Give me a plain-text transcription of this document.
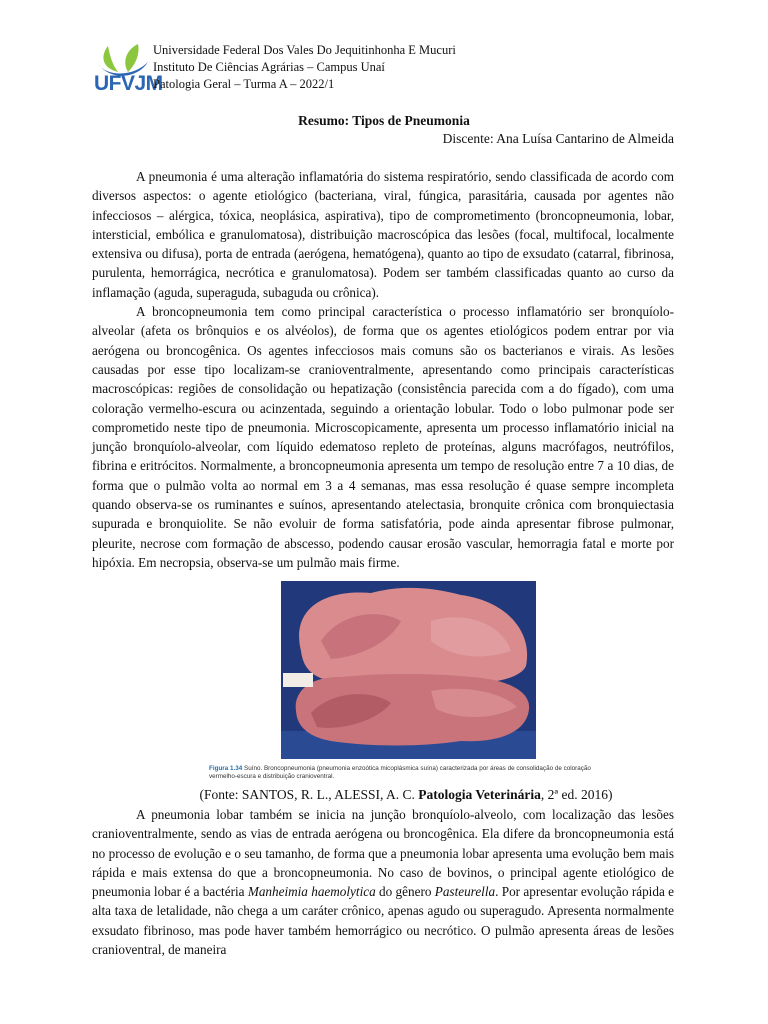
UFVJM
Universidade Federal Dos Vales Do Jequitinhonha E Mucuri
Instituto De Ciências Agrárias – Campus Unaí
Patologia Geral – Turma A – 2022/1
Resumo: Tipos de Pneumonia
Discente: Ana Luísa Cantarino de Almeida

A pneumonia é uma alteração inflamatória do sistema respiratório, sendo classificada de acordo com diversos aspectos: o agente etiológico (bacteriana, viral, fúngica, parasitária, causada por agentes não infecciosos – alérgica, tóxica, neoplásica, aspirativa), tipo de comprometimento (broncopneumonia, lobar, intersticial, embólica e granulomatosa), distribuição macroscópica das lesões (focal, multifocal, localmente extensiva ou difusa), porta de entrada (aerógena, hematógena), quanto ao tipo de exsudato (catarral, fibrinosa, purulenta, hemorrágica, necrótica e granulomatosa). Podem ser também classificadas quanto ao curso da inflamação (aguda, superaguda, subaguda ou crônica).

A broncopneumonia tem como principal característica o processo inflamatório ser bronquíolo-alveolar (afeta os brônquios e os alvéolos), de forma que os agentes etiológicos podem entrar por via aerógena ou broncogênica. Os agentes infecciosos mais comuns são os bacterianos e virais. As lesões causadas por esse tipo localizam-se cranioventralmente, apresentando como principais características macroscópicas: regiões de consolidação ou hepatização (consistência parecida com a do fígado), com uma coloração vermelho-escura ou acinzentada, seguindo a orientação lobular. Todo o lobo pulmonar pode ser comprometido neste tipo de pneumonia. Microscopicamente, apresenta um processo inflamatório inicial na junção bronquíolo-alveolar, com líquido edematoso repleto de proteínas, alguns macrófagos, neutrófilos, fibrina e eritrócitos. Normalmente, a broncopneumonia apresenta um tempo de resolução entre 7 a 10 dias, de forma que o pulmão volta ao normal em 3 a 4 semanas, mas essa resolução é quase sempre incompleta quando observa-se os ruminantes e suínos, apresentando atelectasia, bronquite crônica com bronquiectasia supurada e bronquiolite. Se não evoluir de forma satisfatória, pode ainda apresentar fibrose pulmonar, pleurite, necrose com formação de abscesso, podendo causar erosão vascular, hemorragia fatal e morte por hipóxia. Em necropsia, observa-se um pulmão mais firme.

Figura 1.34 Suíno. Broncopneumonia (pneumonia enzoótica micoplásmica suína) caracterizada por áreas de consolidação de coloração vermelho-escura e distribuição cranioventral.
(Fonte: SANTOS, R. L., ALESSI, A. C. Patologia Veterinária, 2ª ed. 2016)

A pneumonia lobar também se inicia na junção bronquíolo-alveolo, com localização das lesões cranioventralmente, sendo as vias de entrada aerógena ou broncogênica. Ela difere da broncopneumonia está no processo de evolução e o seu tamanho, de forma que a pneumonia lobar apresenta uma evolução bem mais rápida e mais extensa do que a broncopneumonia. No caso de bovinos, o principal agente etiológico de pneumonia lobar é a bactéria Manheimia haemolytica do gênero Pasteurella. Por apresentar evolução rápida e alta taxa de letalidade, não chega a um caráter crônico, apenas agudo ou superagudo. Apresenta normalmente exsudato fibrinoso, mas pode haver também hemorrágico ou necrótico. O pulmão apresenta áreas de lesões cranioventral, de maneira
